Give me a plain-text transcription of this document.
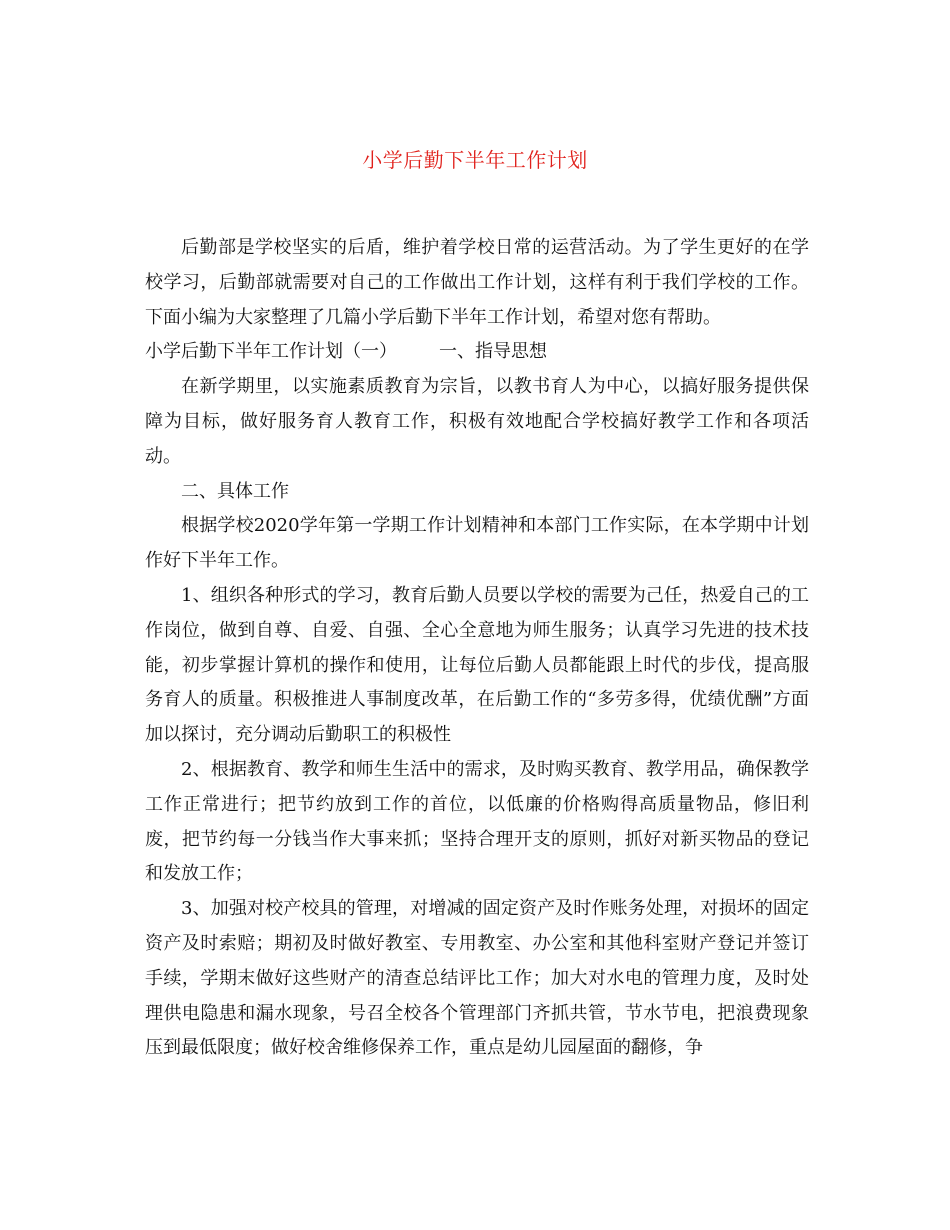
小学后勤下半年工作计划

后勤部是学校坚实的后盾，维护着学校日常的运营活动。为了学生更好的在学校学习，后勤部就需要对自己的工作做出工作计划，这样有利于我们学校的工作。下面小编为大家整理了几篇小学后勤下半年工作计划，希望对您有帮助。

小学后勤下半年工作计划（一） 一、指导思想

在新学期里，以实施素质教育为宗旨，以教书育人为中心，以搞好服务提供保障为目标，做好服务育人教育工作，积极有效地配合学校搞好教学工作和各项活动。

二、具体工作

根据学校2020学年第一学期工作计划精神和本部门工作实际，在本学期中计划作好下半年工作。

1、组织各种形式的学习，教育后勤人员要以学校的需要为己任，热爱自己的工作岗位，做到自尊、自爱、自强、全心全意地为师生服务；认真学习先进的技术技能，初步掌握计算机的操作和使用，让每位后勤人员都能跟上时代的步伐，提高服务育人的质量。积极推进人事制度改革，在后勤工作的“多劳多得，优绩优酬”方面加以探讨，充分调动后勤职工的积极性

2、根据教育、教学和师生生活中的需求，及时购买教育、教学用品，确保教学工作正常进行；把节约放到工作的首位，以低廉的价格购得高质量物品，修旧利废，把节约每一分钱当作大事来抓；坚持合理开支的原则，抓好对新买物品的登记和发放工作；

3、加强对校产校具的管理，对增减的固定资产及时作账务处理，对损坏的固定资产及时索赔；期初及时做好教室、专用教室、办公室和其他科室财产登记并签订手续，学期末做好这些财产的清查总结评比工作；加大对水电的管理力度，及时处理供电隐患和漏水现象，号召全校各个管理部门齐抓共管，节水节电，把浪费现象压到最低限度；做好校舍维修保养工作，重点是幼儿园屋面的翻修，争
